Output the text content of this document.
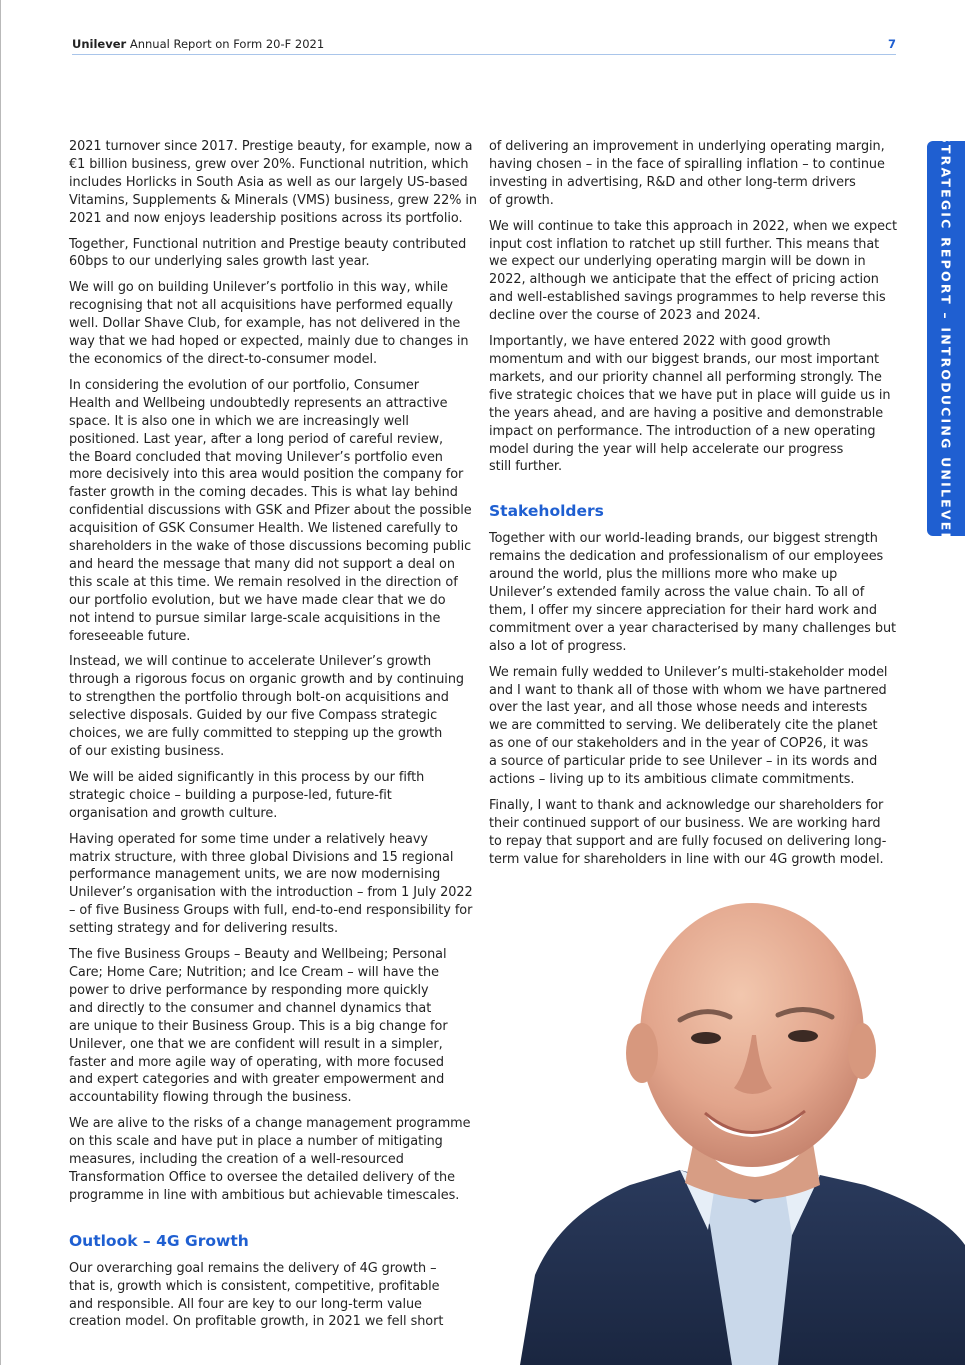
Unilever Annual Report on Form 20-F 2021	7
STRATEGIC REPORT – INTRODUCING UNILEVER

2021 turnover since 2017. Prestige beauty, for example, now a
€1 billion business, grew over 20%. Functional nutrition, which
includes Horlicks in South Asia as well as our largely US-based
Vitamins, Supplements & Minerals (VMS) business, grew 22% in
2021 and now enjoys leadership positions across its portfolio.

Together, Functional nutrition and Prestige beauty contributed
60bps to our underlying sales growth last year.

We will go on building Unilever’s portfolio in this way, while
recognising that not all acquisitions have performed equally
well. Dollar Shave Club, for example, has not delivered in the
way that we had hoped or expected, mainly due to changes in
the economics of the direct-to-consumer model.

In considering the evolution of our portfolio, Consumer
Health and Wellbeing undoubtedly represents an attractive
space. It is also one in which we are increasingly well
positioned. Last year, after a long period of careful review,
the Board concluded that moving Unilever’s portfolio even
more decisively into this area would position the company for
faster growth in the coming decades. This is what lay behind
confidential discussions with GSK and Pfizer about the possible
acquisition of GSK Consumer Health. We listened carefully to
shareholders in the wake of those discussions becoming public
and heard the message that many did not support a deal on
this scale at this time. We remain resolved in the direction of
our portfolio evolution, but we have made clear that we do
not intend to pursue similar large-scale acquisitions in the
foreseeable future.

Instead, we will continue to accelerate Unilever’s growth
through a rigorous focus on organic growth and by continuing
to strengthen the portfolio through bolt-on acquisitions and
selective disposals. Guided by our five Compass strategic
choices, we are fully committed to stepping up the growth
of our existing business.

We will be aided significantly in this process by our fifth
strategic choice – building a purpose-led, future-fit
organisation and growth culture.

Having operated for some time under a relatively heavy
matrix structure, with three global Divisions and 15 regional
performance management units, we are now modernising
Unilever’s organisation with the introduction – from 1 July 2022
– of five Business Groups with full, end-to-end responsibility for
setting strategy and for delivering results.

The five Business Groups – Beauty and Wellbeing; Personal
Care; Home Care; Nutrition; and Ice Cream – will have the
power to drive performance by responding more quickly
and directly to the consumer and channel dynamics that
are unique to their Business Group. This is a big change for
Unilever, one that we are confident will result in a simpler,
faster and more agile way of operating, with more focused
and expert categories and with greater empowerment and
accountability flowing through the business.

We are alive to the risks of a change management programme
on this scale and have put in place a number of mitigating
measures, including the creation of a well-resourced
Transformation Office to oversee the detailed delivery of the
programme in line with ambitious but achievable timescales.

Outlook – 4G Growth

Our overarching goal remains the delivery of 4G growth –
that is, growth which is consistent, competitive, profitable
and responsible. All four are key to our long-term value
creation model. On profitable growth, in 2021 we fell short

of delivering an improvement in underlying operating margin,
having chosen – in the face of spiralling inflation – to continue
investing in advertising, R&D and other long-term drivers
of growth.

We will continue to take this approach in 2022, when we expect
input cost inflation to ratchet up still further. This means that
we expect our underlying operating margin will be down in
2022, although we anticipate that the effect of pricing action
and well-established savings programmes to help reverse this
decline over the course of 2023 and 2024.

Importantly, we have entered 2022 with good growth
momentum and with our biggest brands, our most important
markets, and our priority channel all performing strongly. The
five strategic choices that we have put in place will guide us in
the years ahead, and are having a positive and demonstrable
impact on performance. The introduction of a new operating
model during the year will help accelerate our progress
still further.

Stakeholders

Together with our world-leading brands, our biggest strength
remains the dedication and professionalism of our employees
around the world, plus the millions more who make up
Unilever’s extended family across the value chain. To all of
them, I offer my sincere appreciation for their hard work and
commitment over a year characterised by many challenges but
also a lot of progress.

We remain fully wedded to Unilever’s multi-stakeholder model
and I want to thank all of those with whom we have partnered
over the last year, and all those whose needs and interests
we are committed to serving. We deliberately cite the planet
as one of our stakeholders and in the year of COP26, it was
a source of particular pride to see Unilever – in its words and
actions – living up to its ambitious climate commitments.

Finally, I want to thank and acknowledge our shareholders for
their continued support of our business. We are working hard
to repay that support and are fully focused on delivering long-
term value for shareholders in line with our 4G growth model.
